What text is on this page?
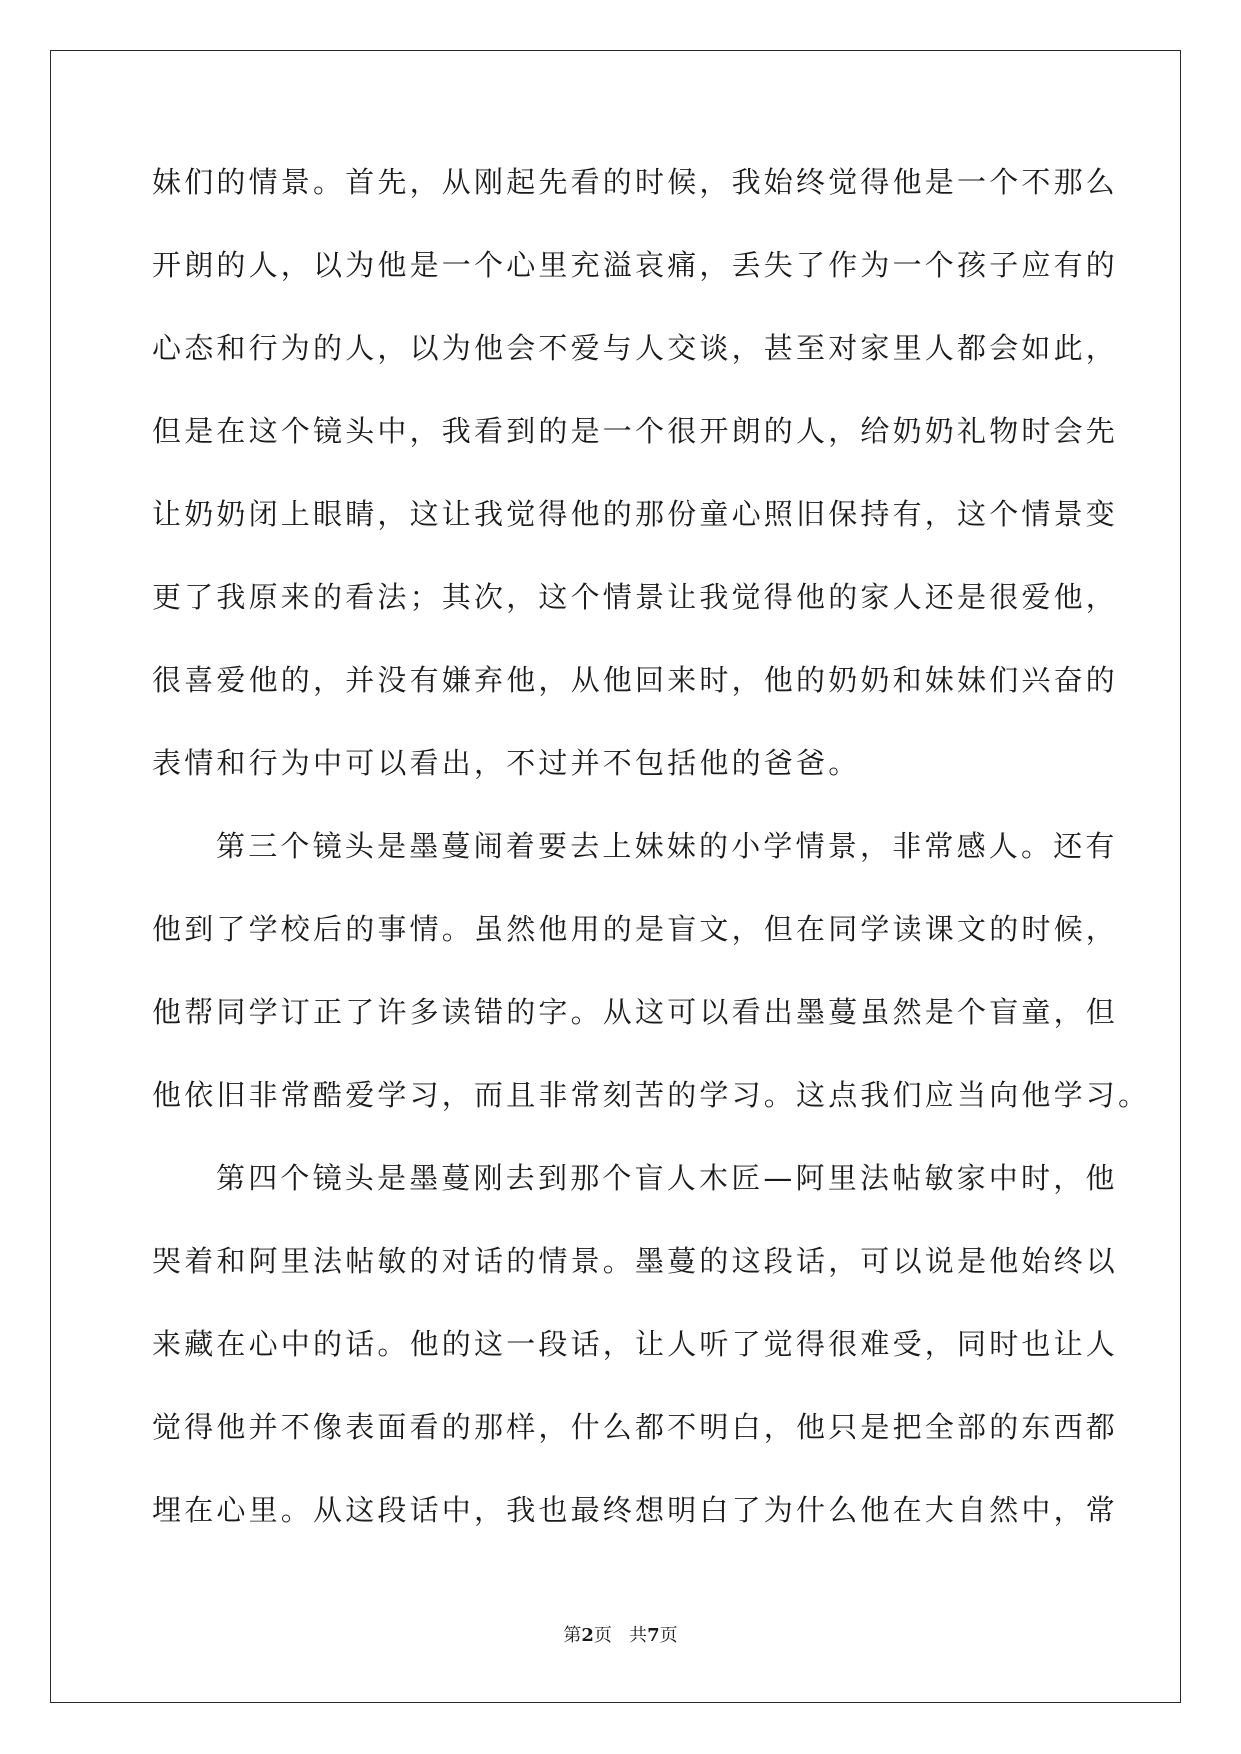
妹们的情景。首先，从刚起先看的时候，我始终觉得他是一个不那么
开朗的人，以为他是一个心里充溢哀痛，丢失了作为一个孩子应有的
心态和行为的人，以为他会不爱与人交谈，甚至对家里人都会如此，
但是在这个镜头中，我看到的是一个很开朗的人，给奶奶礼物时会先
让奶奶闭上眼睛，这让我觉得他的那份童心照旧保持有，这个情景变
更了我原来的看法；其次，这个情景让我觉得他的家人还是很爱他，
很喜爱他的，并没有嫌弃他，从他回来时，他的奶奶和妹妹们兴奋的
表情和行为中可以看出，不过并不包括他的爸爸。
第三个镜头是墨蔓闹着要去上妹妹的小学情景，非常感人。还有
他到了学校后的事情。虽然他用的是盲文，但在同学读课文的时候，
他帮同学订正了许多读错的字。从这可以看出墨蔓虽然是个盲童，但
他依旧非常酷爱学习，而且非常刻苦的学习。这点我们应当向他学习。
第四个镜头是墨蔓刚去到那个盲人木匠—阿里法帖敏家中时，他
哭着和阿里法帖敏的对话的情景。墨蔓的这段话，可以说是他始终以
来藏在心中的话。他的这一段话，让人听了觉得很难受，同时也让人
觉得他并不像表面看的那样，什么都不明白，他只是把全部的东西都
埋在心里。从这段话中，我也最终想明白了为什么他在大自然中，常
第2页 共7页
